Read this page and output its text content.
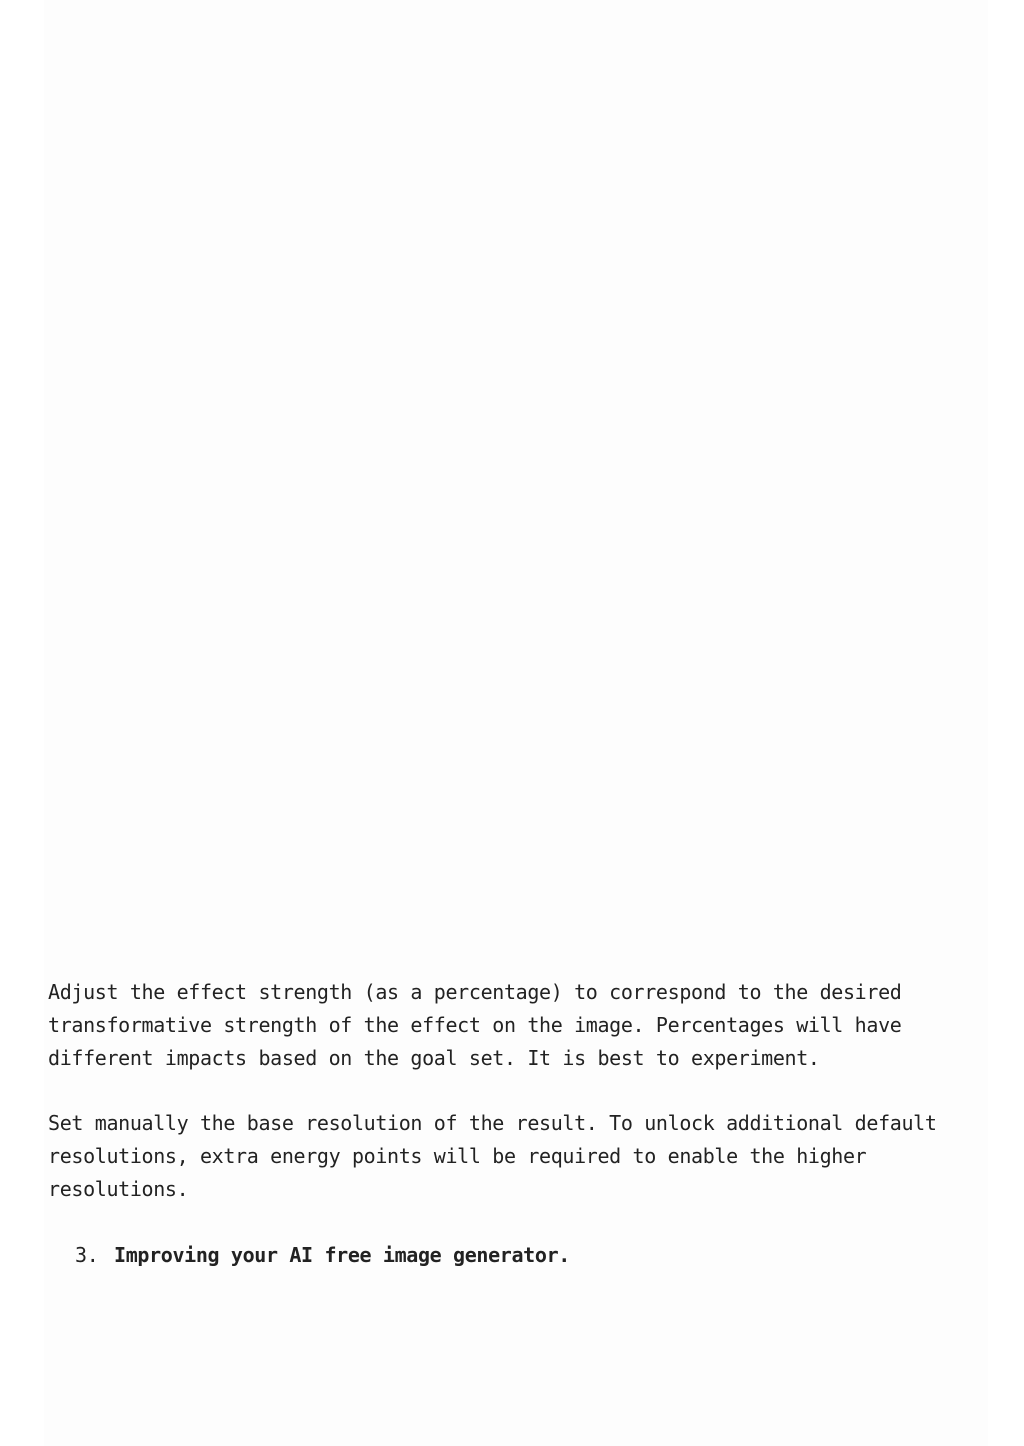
Adjust the effect strength (as a percentage) to correspond to the desired transformative strength of the effect on the image. Percentages will have different impacts based on the goal set. It is best to experiment.

Set manually the base resolution of the result. To unlock additional default resolutions, extra energy points will be required to enable the higher resolutions.

3. Improving your AI free image generator.
